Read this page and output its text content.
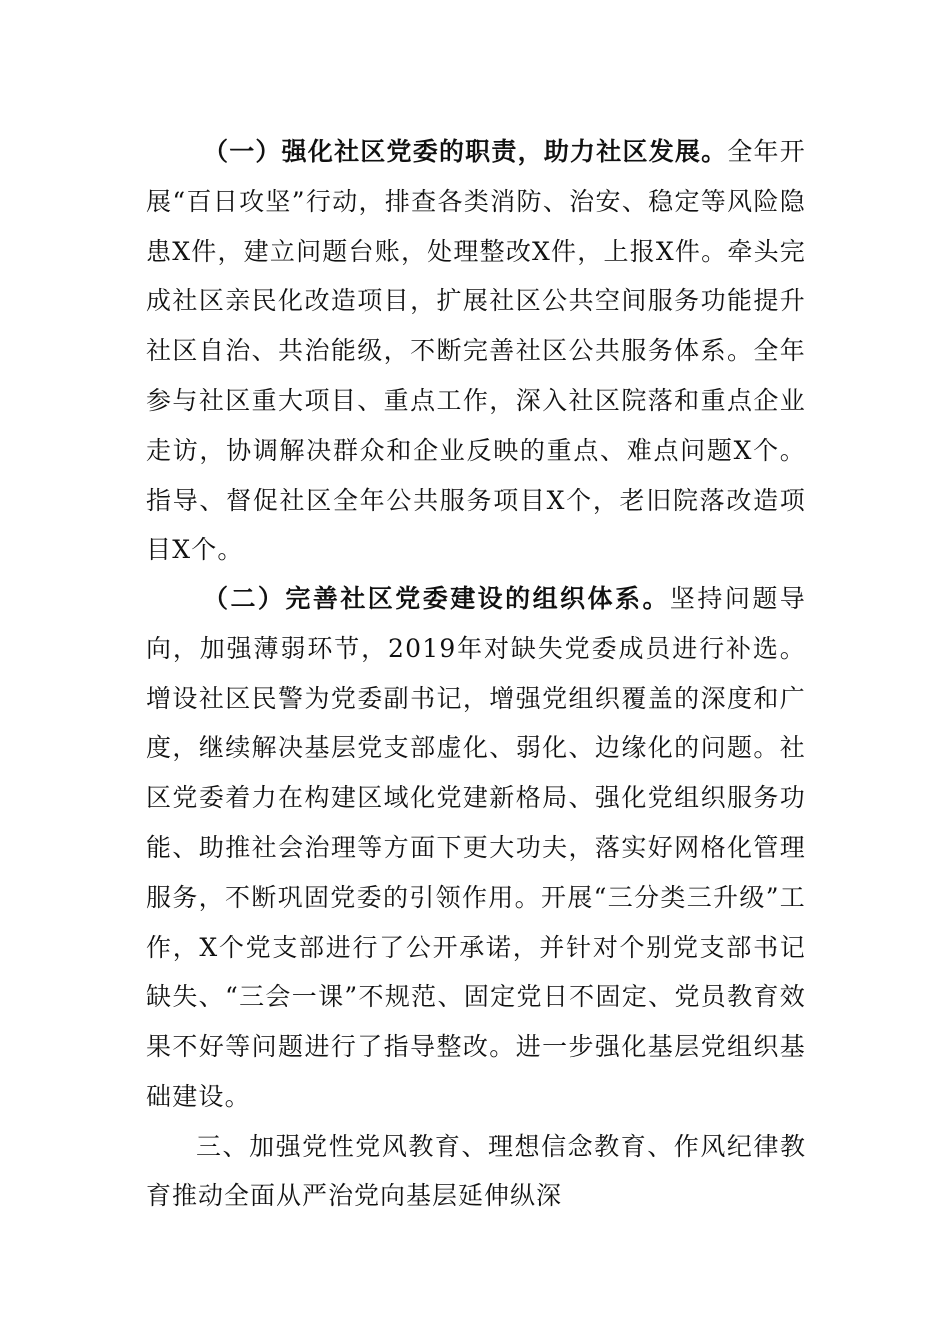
（一）强化社区党委的职责，助力社区发展。全年开展“百日攻坚”行动，排查各类消防、治安、稳定等风险隐患X件，建立问题台账，处理整改X件，上报X件。牵头完成社区亲民化改造项目，扩展社区公共空间服务功能提升社区自治、共治能级，不断完善社区公共服务体系。全年参与社区重大项目、重点工作，深入社区院落和重点企业走访，协调解决群众和企业反映的重点、难点问题X个。指导、督促社区全年公共服务项目X个，老旧院落改造项目X个。

（二）完善社区党委建设的组织体系。坚持问题导向，加强薄弱环节，2019年对缺失党委成员进行补选。增设社区民警为党委副书记，增强党组织覆盖的深度和广度，继续解决基层党支部虚化、弱化、边缘化的问题。社区党委着力在构建区域化党建新格局、强化党组织服务功能、助推社会治理等方面下更大功夫，落实好网格化管理服务，不断巩固党委的引领作用。开展“三分类三升级”工作，X个党支部进行了公开承诺，并针对个别党支部书记缺失、“三会一课”不规范、固定党日不固定、党员教育效果不好等问题进行了指导整改。进一步强化基层党组织基础建设。

三、加强党性党风教育、理想信念教育、作风纪律教育推动全面从严治党向基层延伸纵深
